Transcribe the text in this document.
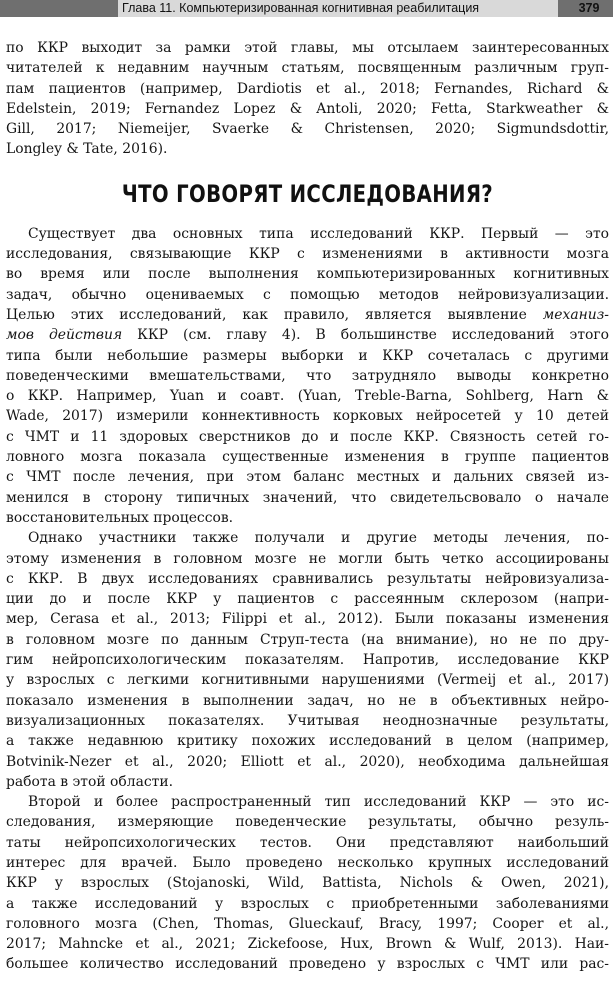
Глава 11. Компьютеризированная когнитивная реабилитация	379
по ККР выходит за рамки этой главы, мы отсылаем заинтересованных
читателей к недавним научным статьям, посвященным различным груп-
пам пациентов (например, Dardiotis et al., 2018; Fernandes, Richard &
Edelstein, 2019; Fernandez Lopez & Antoli, 2020; Fetta, Starkweather &
Gill, 2017; Niemeijer, Svaerke & Christensen, 2020; Sigmundsdottir,
Longley & Tate, 2016).
ЧТО ГОВОРЯТ ИССЛЕДОВАНИЯ?
Существует два основных типа исследований ККР. Первый — это
исследования, связывающие ККР с изменениями в активности мозга
во время или после выполнения компьютеризированных когнитивных
задач, обычно оцениваемых с помощью методов нейровизуализации.
Целью этих исследований, как правило, является выявление механиз-
мов действия ККР (см. главу 4). В большинстве исследований этого
типа были небольшие размеры выборки и ККР сочеталась с другими
поведенческими вмешательствами, что затрудняло выводы конкретно
о ККР. Например, Yuan и соавт. (Yuan, Treble-Barna, Sohlberg, Harn &
Wade, 2017) измерили коннективность корковых нейросетей у 10 детей
с ЧМТ и 11 здоровых сверстников до и после ККР. Связность сетей го-
ловного мозга показала существенные изменения в группе пациентов
с ЧМТ после лечения, при этом баланс местных и дальних связей из-
менился в сторону типичных значений, что свидетельсвовало о начале
восстановительных процессов.
Однако участники также получали и другие методы лечения, по-
этому изменения в головном мозге не могли быть четко ассоциированы
с ККР. В двух исследованиях сравнивались результаты нейровизуализа-
ции до и после ККР у пациентов с рассеянным склерозом (напри-
мер, Cerasa et al., 2013; Filippi et al., 2012). Были показаны изменения
в головном мозге по данным Струп-теста (на внимание), но не по дру-
гим нейропсихологическим показателям. Напротив, исследование ККР
у взрослых с легкими когнитивными нарушениями (Vermeij et al., 2017)
показало изменения в выполнении задач, но не в объективных нейро-
визуализационных показателях. Учитывая неоднозначные результаты,
а также недавнюю критику похожих исследований в целом (например,
Botvinik-Nezer et al., 2020; Elliott et al., 2020), необходима дальнейшая
работа в этой области.
Второй и более распространенный тип исследований ККР — это ис-
следования, измеряющие поведенческие результаты, обычно резуль-
таты нейропсихологических тестов. Они представляют наибольший
интерес для врачей. Было проведено несколько крупных исследований
ККР у взрослых (Stojanoski, Wild, Battista, Nichols & Owen, 2021),
а также исследований у взрослых с приобретенными заболеваниями
головного мозга (Chen, Thomas, Glueckauf, Bracy, 1997; Cooper et al.,
2017; Mahncke et al., 2021; Zickefoose, Hux, Brown & Wulf, 2013). Наи-
большее количество исследований проведено у взрослых с ЧМТ или рас-
